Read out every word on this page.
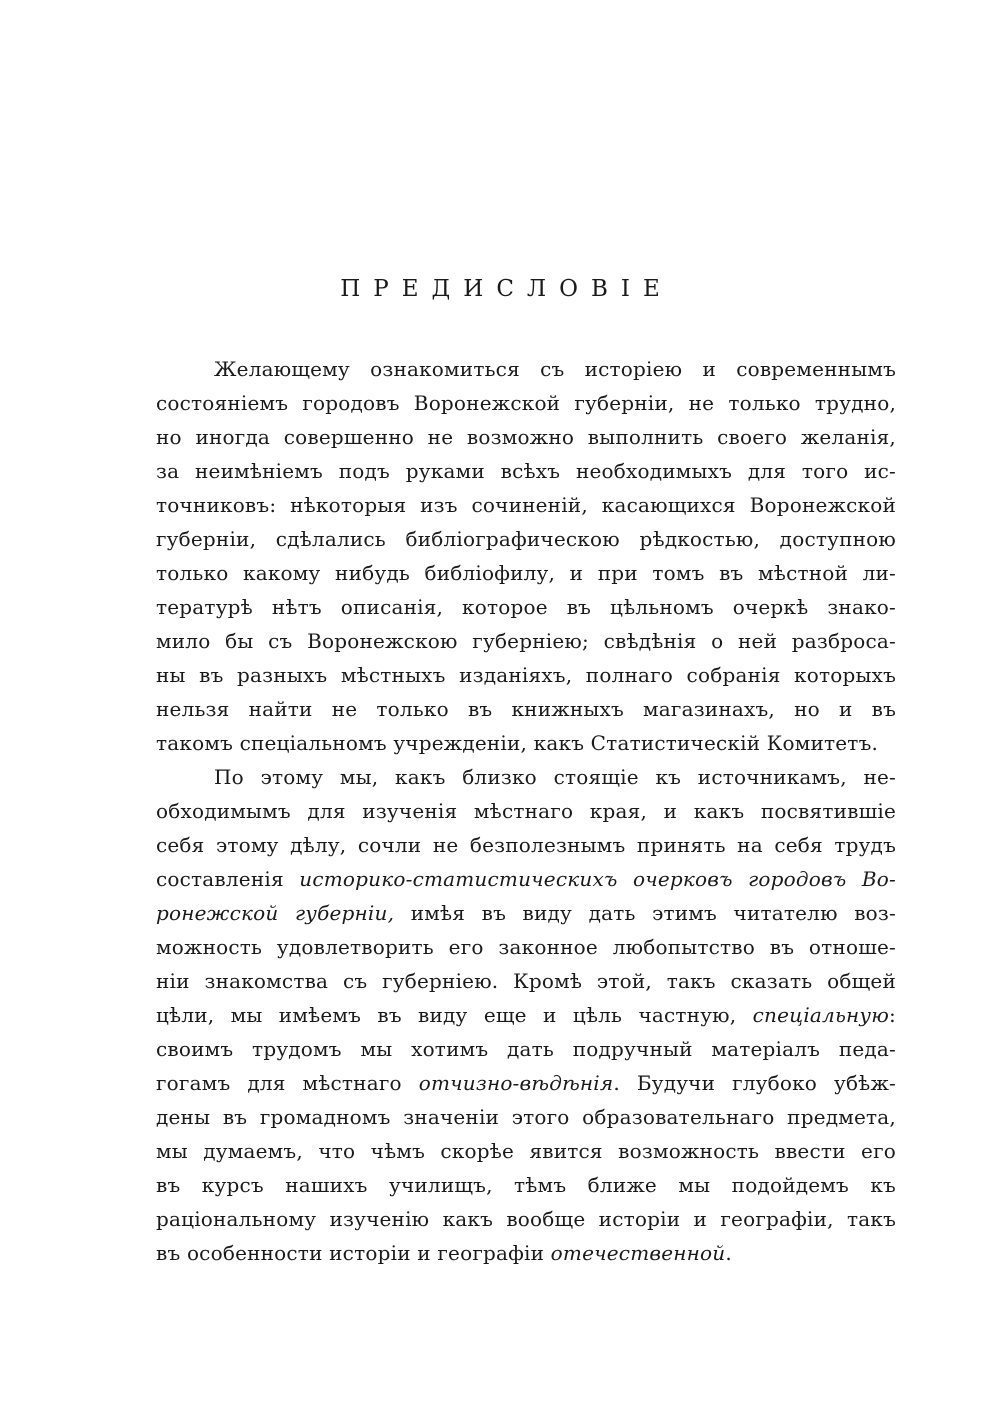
ПРЕДИСЛОВІЕ
Желающему ознакомиться съ исторіею и современнымъ
состояніемъ городовъ Воронежской губерніи, не только трудно,
но иногда совершенно не возможно выполнить своего желанія,
за неимѣніемъ подъ руками всѣхъ необходимыхъ для того ис-
точниковъ: нѣкоторыя изъ сочиненій, касающихся Воронежской
губерніи, сдѣлались библіографическою рѣдкостью, доступною
только какому нибудь библіофилу, и при томъ въ мѣстной ли-
тературѣ нѣтъ описанія, которое въ цѣльномъ очеркѣ знако-
мило бы съ Воронежскою губерніею; свѣдѣнія о ней разброса-
ны въ разныхъ мѣстныхъ изданіяхъ, полнаго собранія которыхъ
нельзя найти не только въ книжныхъ магазинахъ, но и въ
такомъ спеціальномъ учрежденіи, какъ Статистическій Комитетъ.
По этому мы, какъ близко стоящіе къ источникамъ, не-
обходимымъ для изученія мѣстнаго края, и какъ посвятившіе
себя этому дѣлу, сочли не безполезнымъ принять на себя трудъ
составленія историко-статистическихъ очерковъ городовъ Во-
ронежской губерніи, имѣя въ виду дать этимъ читателю воз-
можность удовлетворить его законное любопытство въ отноше-
ніи знакомства съ губерніею. Кромѣ этой, такъ сказать общей
цѣли, мы имѣемъ въ виду еще и цѣль частную, спеціальную:
своимъ трудомъ мы хотимъ дать подручный матеріалъ педа-
гогамъ для мѣстнаго отчизно-вѣдѣнія. Будучи глубоко убѣж-
дены въ громадномъ значеніи этого образовательнаго предмета,
мы думаемъ, что чѣмъ скорѣе явится возможность ввести его
въ курсъ нашихъ училищъ, тѣмъ ближе мы подойдемъ къ
раціональному изученію какъ вообще исторіи и географіи, такъ
въ особенности исторіи и географіи отечественной.
